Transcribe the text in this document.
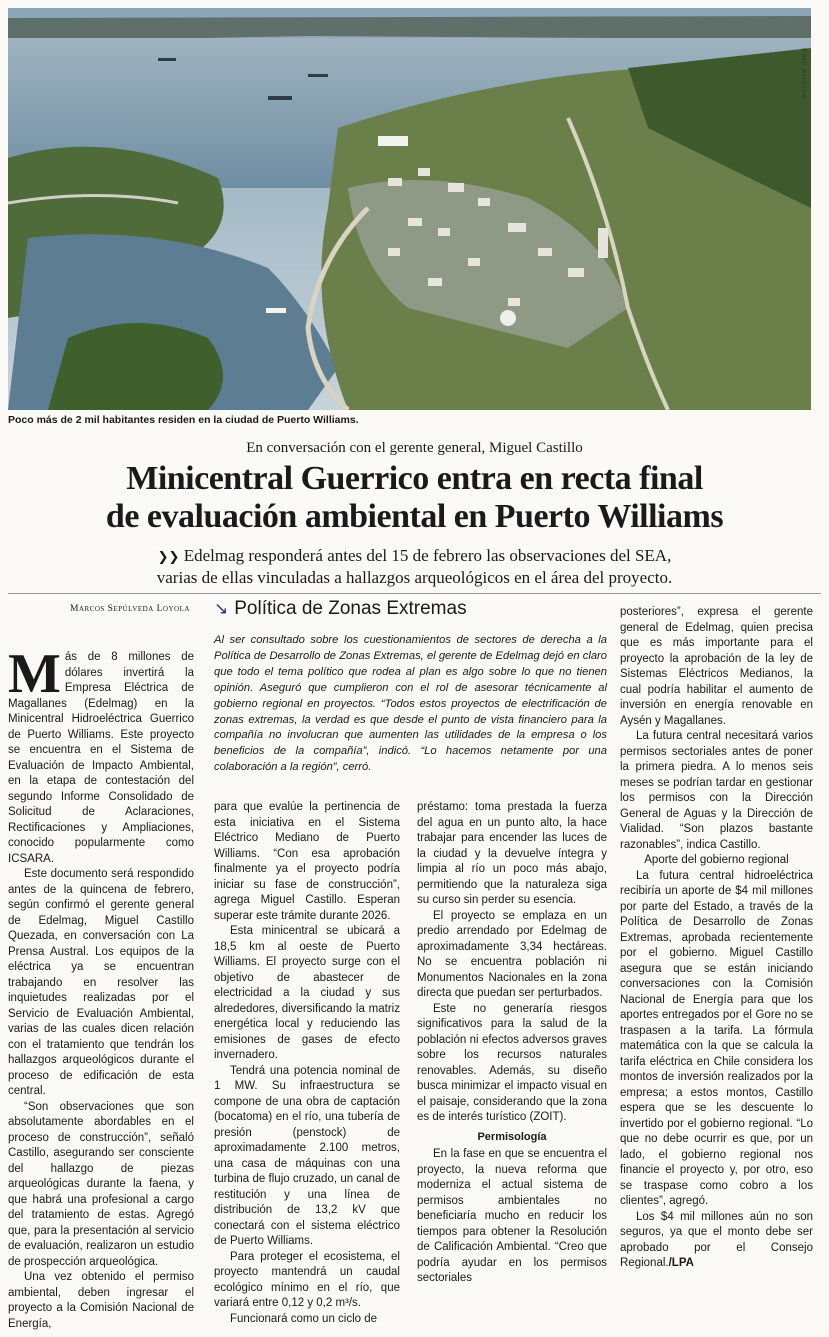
Foto Archivo
Poco más de 2 mil habitantes residen en la ciudad de Puerto Williams.
En conversación con el gerente general, Miguel Castillo
Minicentral Guerrico entra en recta final
de evaluación ambiental en Puerto Williams
❯❯ Edelmag responderá antes del 15 de febrero las observaciones del SEA,
varias de ellas vinculadas a hallazgos arqueológicos en el área del proyecto.
Marcos Sepúlveda Loyola ↘ Política de Zonas Extremas
Al ser consultado sobre los cuestionamientos de sectores de derecha a la Política de Desarrollo de Zonas Extremas, el gerente de Edelmag dejó en claro que todo el tema político que rodea al plan es algo sobre lo que no tienen opinión. Aseguró que cumplieron con el rol de asesorar técnicamente al gobierno regional en proyectos. “Todos estos proyectos de electrificación de zonas extremas, la verdad es que desde el punto de vista financiero para la compañía no involucran que aumenten las utilidades de la empresa o los beneficios de la compañía”, indicó. “Lo hacemos netamente por una colaboración a la región”, cerró.

Más de 8 millones de dólares invertirá la Empresa Eléctrica de Magallanes (Edelmag) en la Minicentral Hidroeléctrica Guerrico de Puerto Williams. Este proyecto se encuentra en el Sistema de Evaluación de Impacto Ambiental, en la etapa de contestación del segundo Informe Consolidado de Solicitud de Aclaraciones, Rectificaciones y Ampliaciones, conocido popularmente como ICSARA.

Este documento será respondido antes de la quincena de febrero, según confirmó el gerente general de Edelmag, Miguel Castillo Quezada, en conversación con La Prensa Austral. Los equipos de la eléctrica ya se encuentran trabajando en resolver las inquietudes realizadas por el Servicio de Evaluación Ambiental, varias de las cuales dicen relación con el tratamiento que tendrán los hallazgos arqueológicos durante el proceso de edificación de esta central.

“Son observaciones que son absolutamente abordables en el proceso de construcción”, señaló Castillo, asegurando ser consciente del hallazgo de piezas arqueológicas durante la faena, y que habrá una profesional a cargo del tratamiento de estas. Agregó que, para la presentación al servicio de evaluación, realizaron un estudio de prospección arqueológica.

Una vez obtenido el permiso ambiental, deben ingresar el proyecto a la Comisión Nacional de Energía,

para que evalúe la pertinencia de esta iniciativa en el Sistema Eléctrico Mediano de Puerto Williams. “Con esa aprobación finalmente ya el proyecto podría iniciar su fase de construcción”, agrega Miguel Castillo. Esperan superar este trámite durante 2026.

Esta minicentral se ubicará a 18,5 km al oeste de Puerto Williams. El proyecto surge con el objetivo de abastecer de electricidad a la ciudad y sus alrededores, diversificando la matriz energética local y reduciendo las emisiones de gases de efecto invernadero.

Tendrá una potencia nominal de 1 MW. Su infraestructura se compone de una obra de captación (bocatoma) en el río, una tubería de presión (penstock) de aproximadamente 2.100 metros, una casa de máquinas con una turbina de flujo cruzado, un canal de restitución y una línea de distribución de 13,2 kV que conectará con el sistema eléctrico de Puerto Williams.

Para proteger el ecosistema, el proyecto mantendrá un caudal ecológico mínimo en el río, que variará entre 0,12 y 0,2 m³/s.

Funcionará como un ciclo de

préstamo: toma prestada la fuerza del agua en un punto alto, la hace trabajar para encender las luces de la ciudad y la devuelve íntegra y limpia al río un poco más abajo, permitiendo que la naturaleza siga su curso sin perder su esencia.

El proyecto se emplaza en un predio arrendado por Edelmag de aproximadamente 3,34 hectáreas. No se encuentra población ni Monumentos Nacionales en la zona directa que puedan ser perturbados.

Este no generaría riesgos significativos para la salud de la población ni efectos adversos graves sobre los recursos naturales renovables. Además, su diseño busca minimizar el impacto visual en el paisaje, considerando que la zona es de interés turístico (ZOIT).

Permisología

En la fase en que se encuentra el proyecto, la nueva reforma que moderniza el actual sistema de permisos ambientales no beneficiaría mucho en reducir los tiempos para obtener la Resolución de Calificación Ambiental. “Creo que podría ayudar en los permisos sectoriales

posteriores”, expresa el gerente general de Edelmag, quien precisa que es más importante para el proyecto la aprobación de la ley de Sistemas Eléctricos Medianos, la cual podría habilitar el aumento de inversión en energía renovable en Aysén y Magallanes.

La futura central necesitará varios permisos sectoriales antes de poner la primera piedra. A lo menos seis meses se podrían tardar en gestionar los permisos con la Dirección General de Aguas y la Dirección de Vialidad. “Son plazos bastante razonables”, indica Castillo.

Aporte del gobierno regional

La futura central hidroeléctrica recibiría un aporte de $4 mil millones por parte del Estado, a través de la Política de Desarrollo de Zonas Extremas, aprobada recientemente por el gobierno. Miguel Castillo asegura que se están iniciando conversaciones con la Comisión Nacional de Energía para que los aportes entregados por el Gore no se traspasen a la tarifa. La fórmula matemática con la que se calcula la tarifa eléctrica en Chile considera los montos de inversión realizados por la empresa; a estos montos, Castillo espera que se les descuente lo invertido por el gobierno regional. “Lo que no debe ocurrir es que, por un lado, el gobierno regional nos financie el proyecto y, por otro, eso se traspase como cobro a los clientes”, agregó.

Los $4 mil millones aún no son seguros, ya que el monto debe ser aprobado por el Consejo Regional./LPA
